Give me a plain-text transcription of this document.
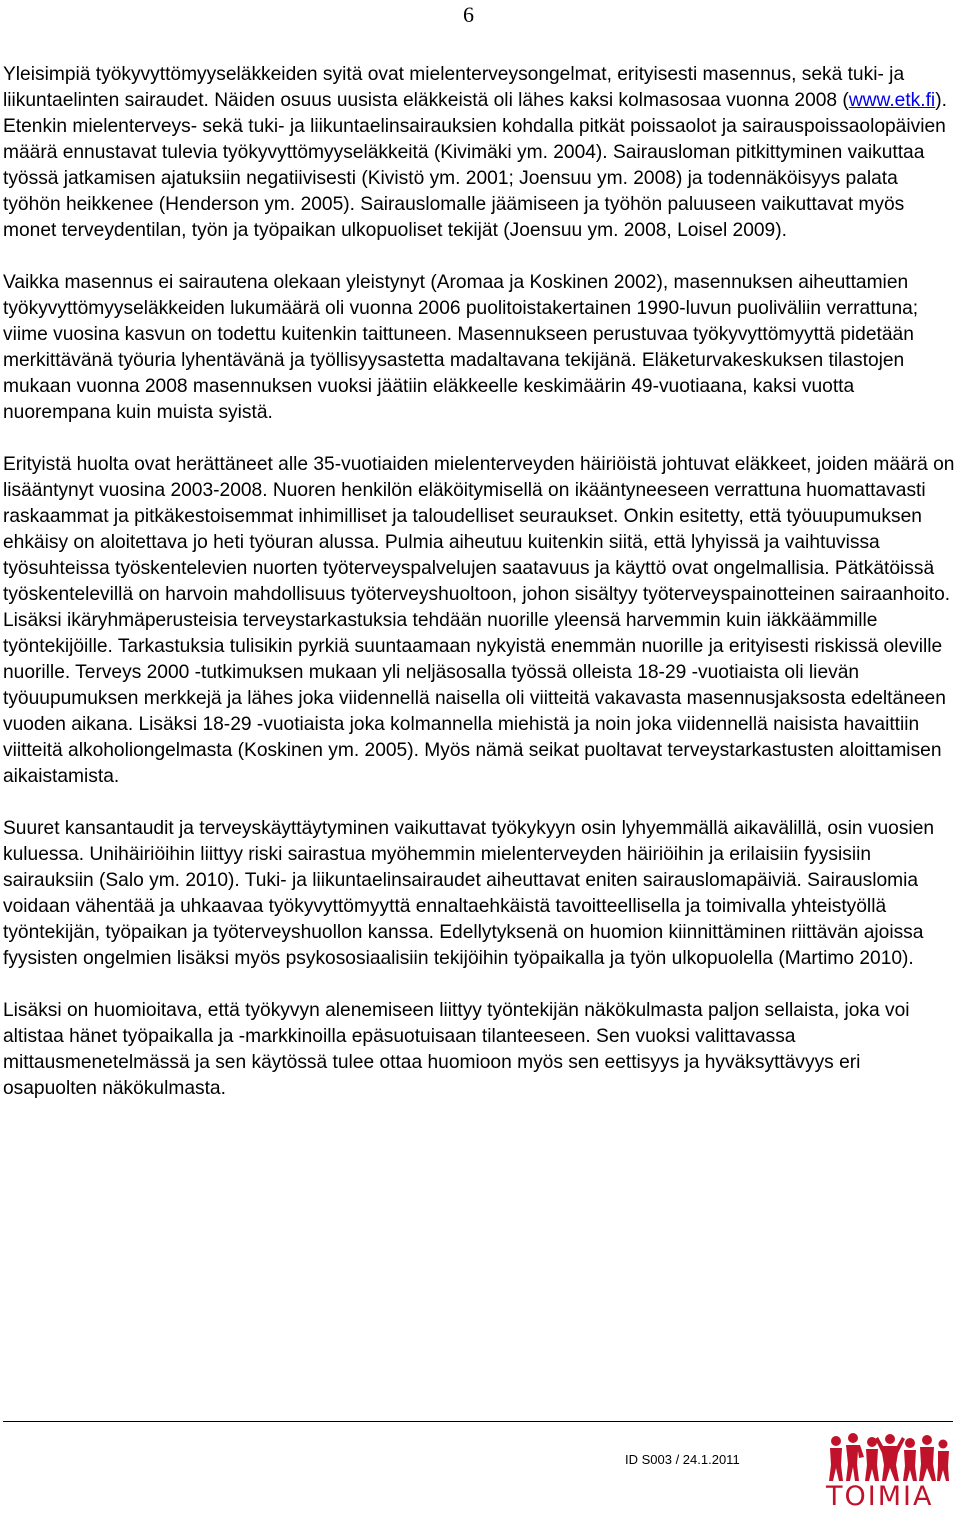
6

Yleisimpiä työkyvyttömyyseläkkeiden syitä ovat mielenterveysongelmat, erityisesti masennus, sekä tuki- ja liikuntaelinten sairaudet. Näiden osuus uusista eläkkeistä oli lähes kaksi kolmasosaa vuonna 2008 (www.etk.fi). Etenkin mielenterveys- sekä tuki- ja liikuntaelinsairauksien kohdalla pitkät poissaolot ja sairauspoissaolopäivien määrä ennustavat tulevia työkyvyttömyyseläkkeitä (Kivimäki ym. 2004). Sairausloman pitkittyminen vaikuttaa työssä jatkamisen ajatuksiin negatiivisesti (Kivistö ym. 2001; Joensuu ym. 2008) ja todennäköisyys palata työhön heikkenee (Henderson ym. 2005). Sairauslomalle jäämiseen ja työhön paluuseen vaikuttavat myös monet terveydentilan, työn ja työpaikan ulkopuoliset tekijät (Joensuu ym. 2008, Loisel 2009).

Vaikka masennus ei sairautena olekaan yleistynyt (Aromaa ja Koskinen 2002), masennuksen aiheuttamien työkyvyttömyyseläkkeiden lukumäärä oli vuonna 2006 puolitoistakertainen 1990-luvun puoliväliin verrattuna; viime vuosina kasvun on todettu kuitenkin taittuneen. Masennukseen perustuvaa työkyvyttömyyttä pidetään merkittävänä työuria lyhentävänä ja työllisyysastetta madaltavana tekijänä. Eläketurvakeskuksen tilastojen mukaan vuonna 2008 masennuksen vuoksi jäätiin eläkkeelle keskimäärin 49-vuotiaana, kaksi vuotta nuorempana kuin muista syistä.

Erityistä huolta ovat herättäneet alle 35-vuotiaiden mielenterveyden häiriöistä johtuvat eläkkeet, joiden määrä on lisääntynyt vuosina 2003-2008. Nuoren henkilön eläköitymisellä on ikääntyneeseen verrattuna huomattavasti raskaammat ja pitkäkestoisemmat inhimilliset ja taloudelliset seuraukset. Onkin esitetty, että työuupumuksen ehkäisy on aloitettava jo heti työuran alussa. Pulmia aiheutuu kuitenkin siitä, että lyhyissä ja vaihtuvissa työsuhteissa työskentelevien nuorten työterveyspalvelujen saatavuus ja käyttö ovat ongelmallisia. Pätkätöissä työskentelevillä on harvoin mahdollisuus työterveyshuoltoon, johon sisältyy työterveyspainotteinen sairaanhoito. Lisäksi ikäryhmäperusteisia terveystarkastuksia tehdään nuorille yleensä harvemmin kuin iäkkäämmille työntekijöille. Tarkastuksia tulisikin pyrkiä suuntaamaan nykyistä enemmän nuorille ja erityisesti riskissä oleville nuorille. Terveys 2000 -tutkimuksen mukaan yli neljäsosalla työssä olleista 18-29 -vuotiaista oli lievän työuupumuksen merkkejä ja lähes joka viidennellä naisella oli viitteitä vakavasta masennusjaksosta edeltäneen vuoden aikana. Lisäksi 18-29 -vuotiaista joka kolmannella miehistä ja noin joka viidennellä naisista havaittiin viitteitä alkoholiongelmasta (Koskinen ym. 2005). Myös nämä seikat puoltavat terveystarkastusten aloittamisen aikaistamista.

Suuret kansantaudit ja terveyskäyttäytyminen vaikuttavat työkykyyn osin lyhyemmällä aikavälillä, osin vuosien kuluessa. Unihäiriöihin liittyy riski sairastua myöhemmin mielenterveyden häiriöihin ja erilaisiin fyysisiin sairauksiin (Salo ym. 2010). Tuki- ja liikuntaelinsairaudet aiheuttavat eniten sairauslomapäiviä. Sairauslomia voidaan vähentää ja uhkaavaa työkyvyttömyyttä ennaltaehkäistä tavoitteellisella ja toimivalla yhteistyöllä työntekijän, työpaikan ja työterveyshuollon kanssa. Edellytyksenä on huomion kiinnittäminen riittävän ajoissa fyysisten ongelmien lisäksi myös psykososiaalisiin tekijöihin työpaikalla ja työn ulkopuolella (Martimo 2010).

Lisäksi on huomioitava, että työkyvyn alenemiseen liittyy työntekijän näkökulmasta paljon sellaista, joka voi altistaa hänet työpaikalla ja -markkinoilla epäsuotuisaan tilanteeseen. Sen vuoksi valittavassa mittausmenetelmässä ja sen käytössä tulee ottaa huomioon myös sen eettisyys ja hyväksyttävyys eri osapuolten näkökulmasta.

ID S003 / 24.1.2011
TOIMIA
